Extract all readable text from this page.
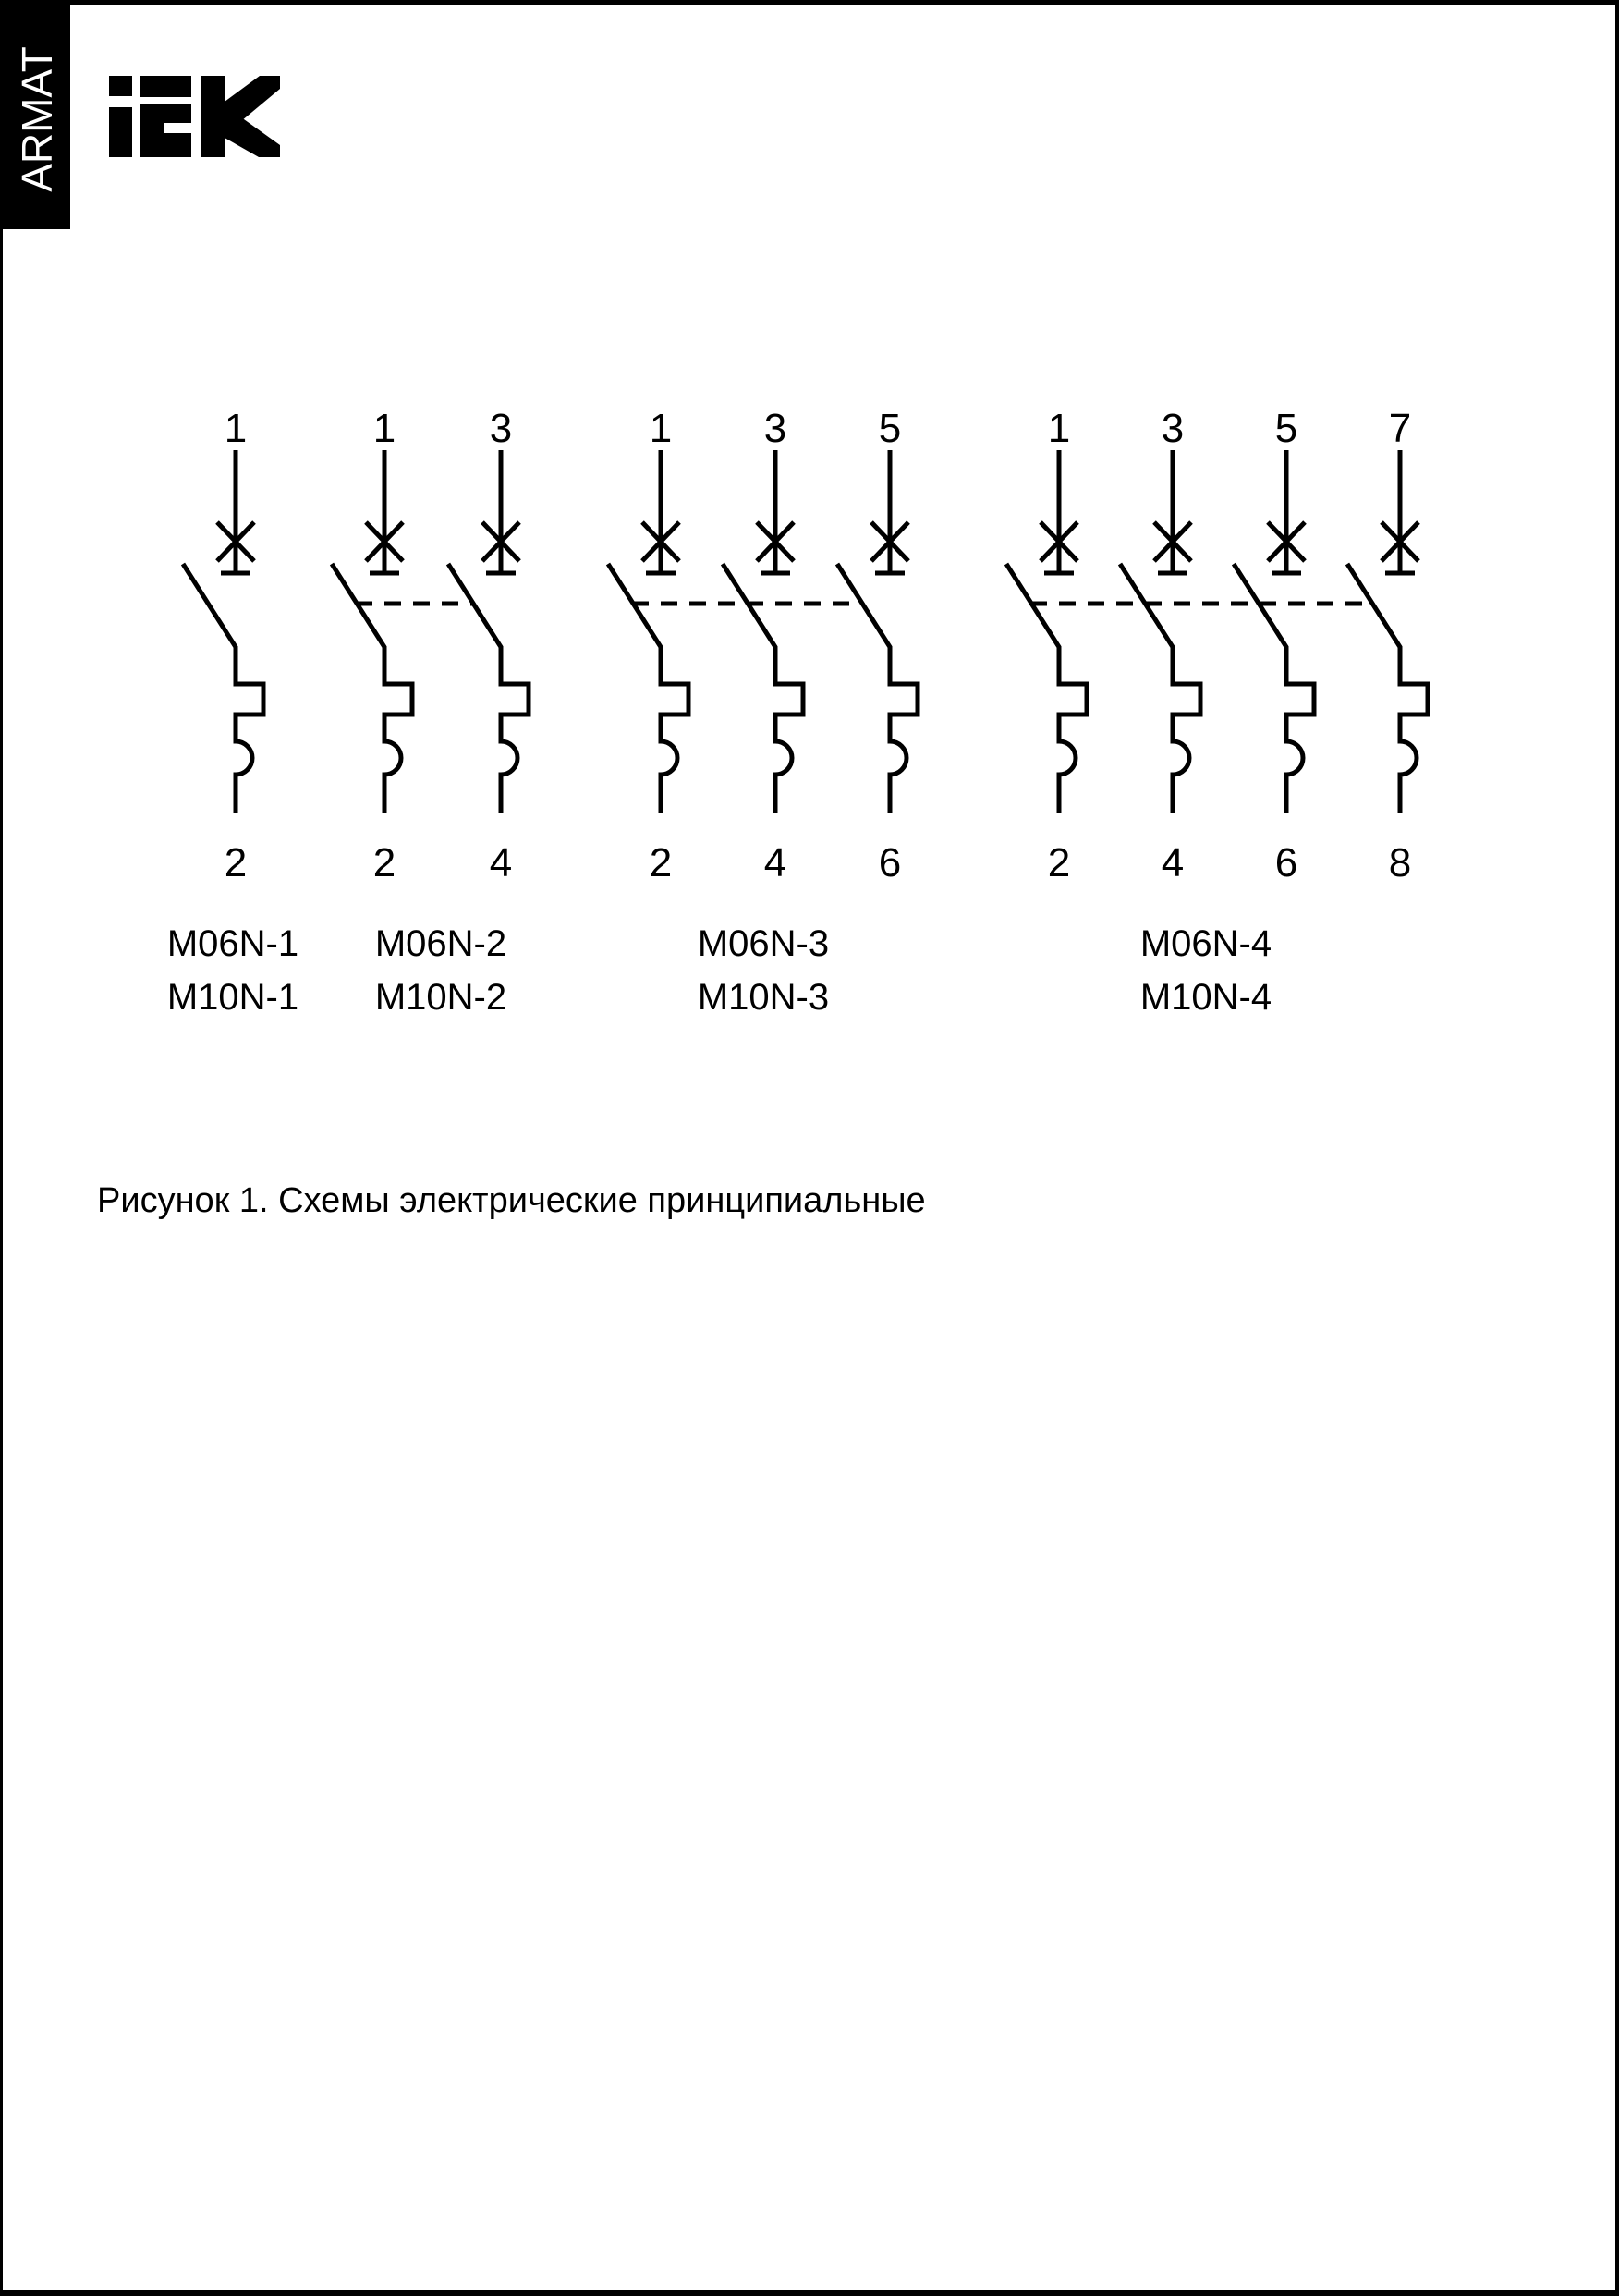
ARMAT
1
2
M06N-1
M10N-1
1 3
2 4
M06N-2
M10N-2
1 3 5
2 4 6
M06N-3
M10N-3
1 3 5 7
2 4 6 8
M06N-4
M10N-4
Рисунок 1. Схемы электрические принципиальные
